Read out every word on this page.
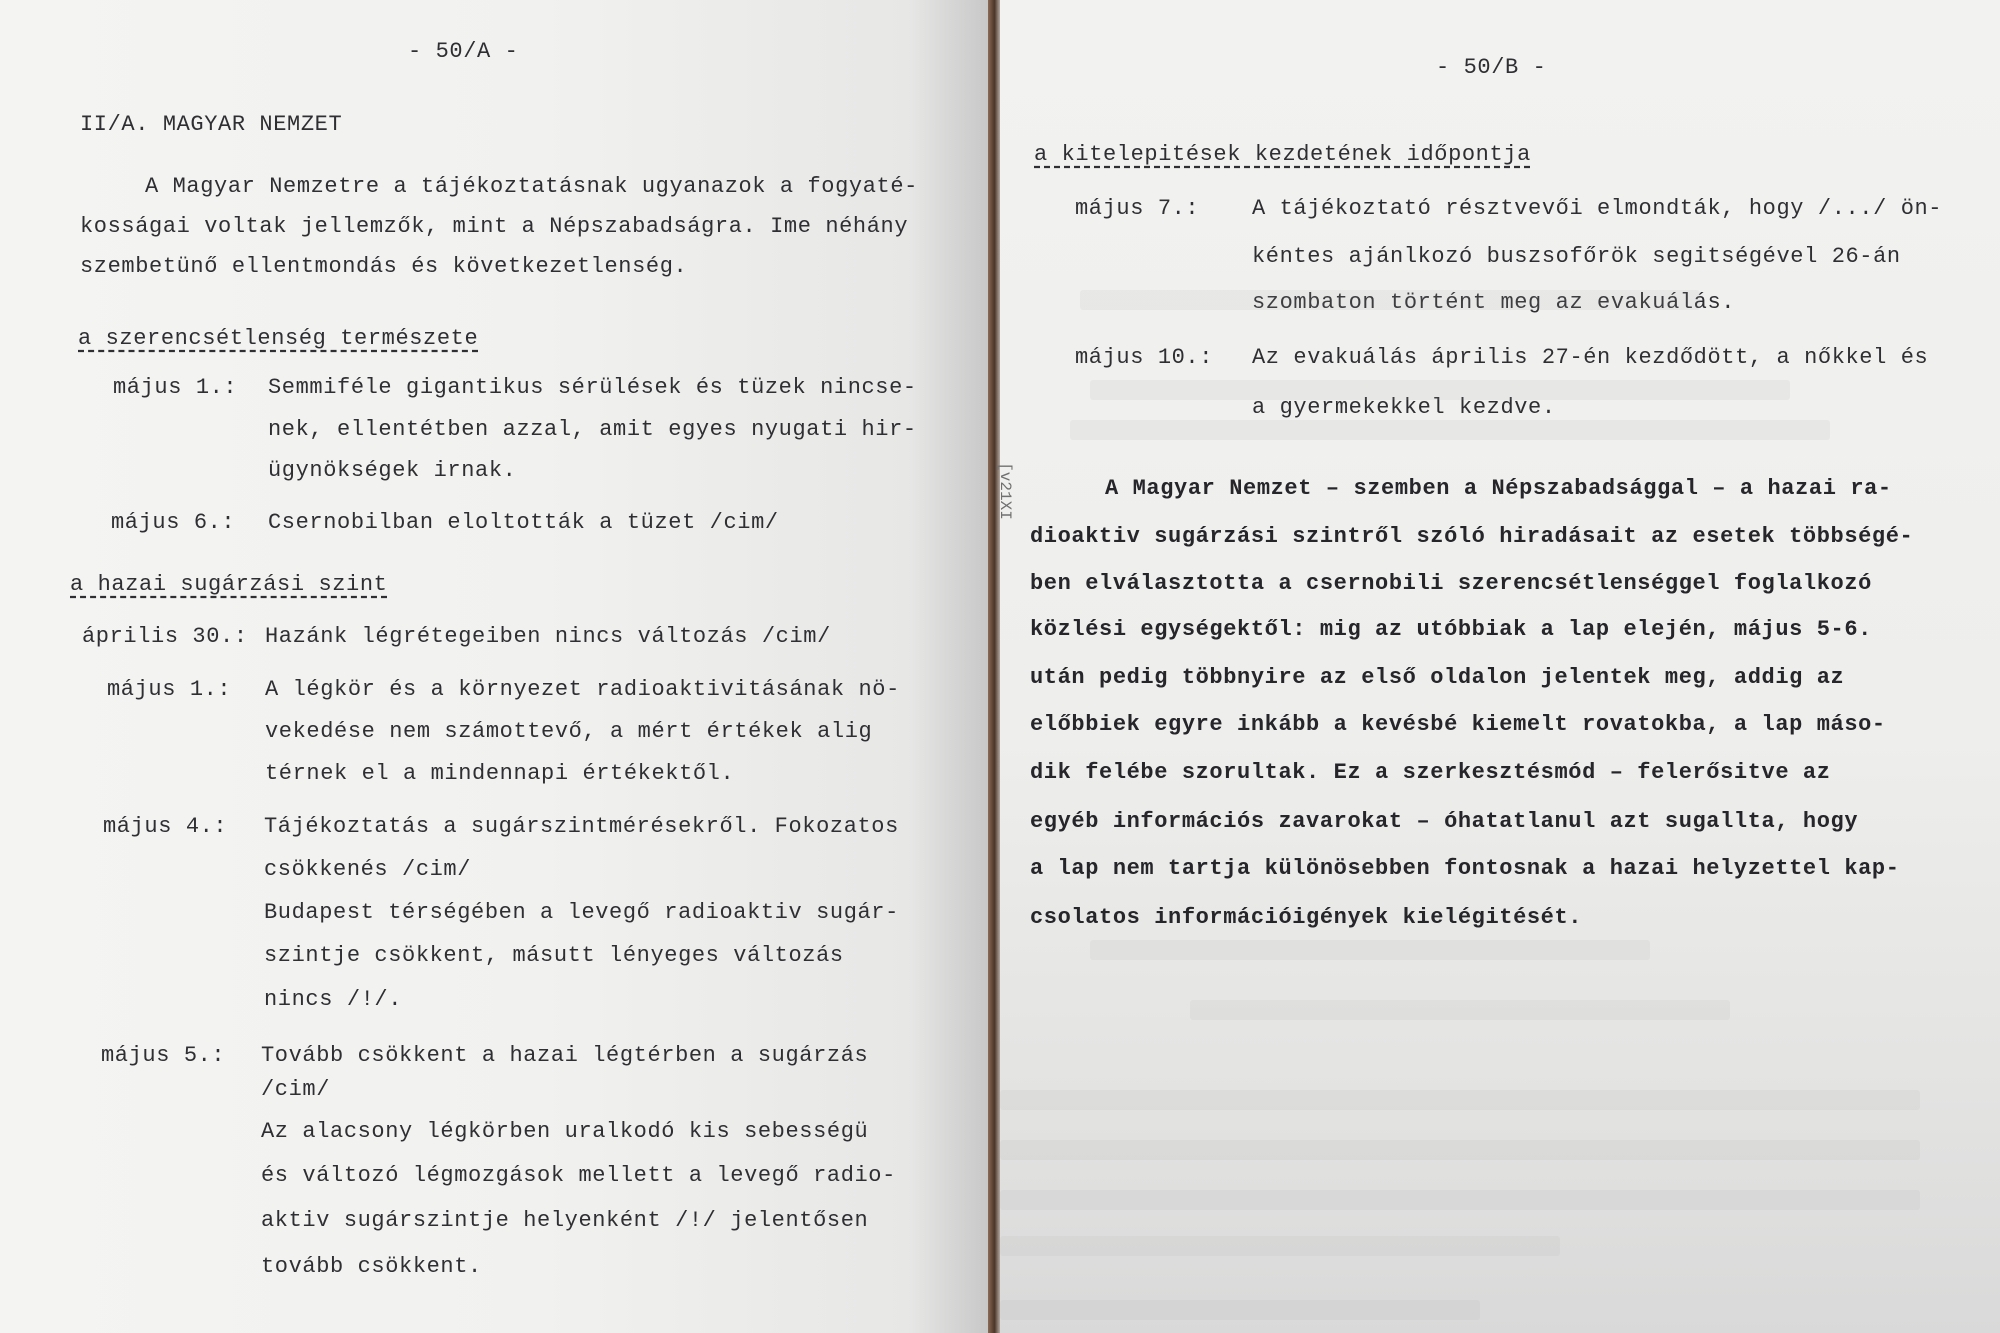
- 50/A -
II/A. MAGYAR NEMZET
A Magyar Nemzetre a tájékoztatásnak ugyanazok a fogyaté-
kosságai voltak jellemzők, mint a Népszabadságra. Ime néhány
szembetünő ellentmondás és következetlenség.
a szerencsétlenség természete
május 1.: Semmiféle gigantikus sérülések és tüzek nincse-
nek, ellentétben azzal, amit egyes nyugati hir-
ügynökségek irnak.
május 6.: Csernobilban eloltották a tüzet /cim/
a hazai sugárzási szint
április 30.: Hazánk légrétegeiben nincs változás /cim/
május 1.: A légkör és a környezet radioaktivitásának nö-
vekedése nem számottevő, a mért értékek alig
térnek el a mindennapi értékektől.
május 4.: Tájékoztatás a sugárszintmérésekről. Fokozatos
csökkenés /cim/
Budapest térségében a levegő radioaktiv sugár-
szintje csökkent, másutt lényeges változás
nincs /!/.
május 5.: Tovább csökkent a hazai légtérben a sugárzás
/cim/
Az alacsony légkörben uralkodó kis sebességü
és változó légmozgások mellett a levegő radio-
aktiv sugárszintje helyenként /!/ jelentősen
tovább csökkent.
- 50/B -
a kitelepitések kezdetének időpontja
május 7.: A tájékoztató résztvevői elmondták, hogy /.../ ön-
kéntes ajánlkozó buszsofőrök segitségével 26-án
szombaton történt meg az evakuálás.
május 10.: Az evakuálás április 27-én kezdődött, a nőkkel és
a gyermekekkel kezdve.
A Magyar Nemzet – szemben a Népszabadsággal – a hazai ra-
dioaktiv sugárzási szintről szóló hiradásait az esetek többségé-
ben elválasztotta a csernobili szerencsétlenséggel foglalkozó
közlési egységektől: mig az utóbbiak a lap elején, május 5-6.
után pedig többnyire az első oldalon jelentek meg, addig az
előbbiek egyre inkább a kevésbé kiemelt rovatokba, a lap máso-
dik felébe szorultak. Ez a szerkesztésmód – felerősitve az
egyéb információs zavarokat – óhatatlanul azt sugallta, hogy
a lap nem tartja különösebben fontosnak a hazai helyzettel kap-
csolatos információigények kielégitését.
[v21XI
